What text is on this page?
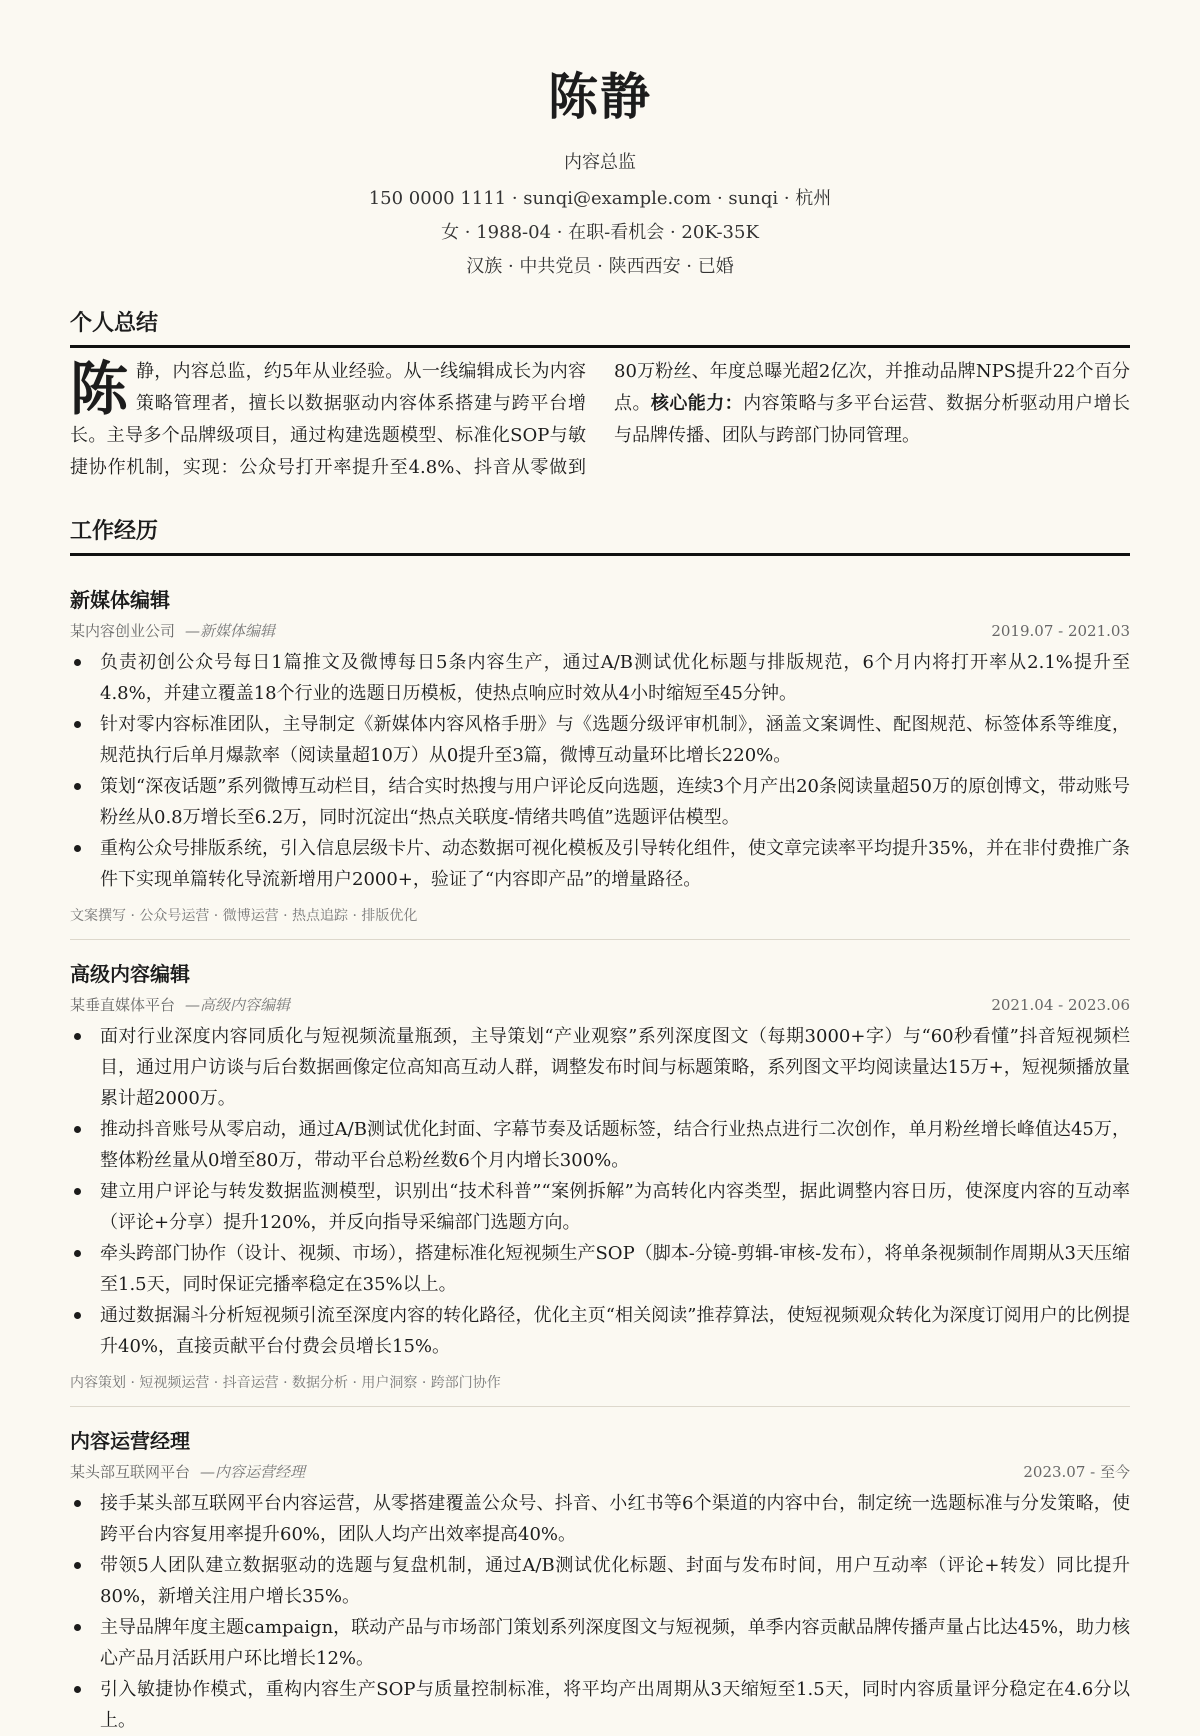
陈静
内容总监
150 0000 1111 · sunqi@example.com · sunqi · 杭州
女 · 1988-04 · 在职-看机会 · 20K-35K
汉族 · 中共党员 · 陕西西安 · 已婚
个人总结
陈静，内容总监，约5年从业经验。从一线编辑成长为内容策略管理者，擅长以数据驱动内容体系搭建与跨平台增长。主导多个品牌级项目，通过构建选题模型、标准化SOP与敏捷协作机制，实现：公众号打开率提升至4.8%、抖音从零做到80万粉丝、年度总曝光超2亿次，并推动品牌NPS提升22个百分点。核心能力：内容策略与多平台运营、数据分析驱动用户增长与品牌传播、团队与跨部门协同管理。
工作经历
新媒体编辑
某内容创业公司 —新媒体编辑	2019.07 - 2021.03
负责初创公众号每日1篇推文及微博每日5条内容生产，通过A/B测试优化标题与排版规范，6个月内将打开率从2.1%提升至4.8%，并建立覆盖18个行业的选题日历模板，使热点响应时效从4小时缩短至45分钟。
针对零内容标准团队，主导制定《新媒体内容风格手册》与《选题分级评审机制》，涵盖文案调性、配图规范、标签体系等维度，规范执行后单月爆款率（阅读量超10万）从0提升至3篇，微博互动量环比增长220%。
策划“深夜话题”系列微博互动栏目，结合实时热搜与用户评论反向选题，连续3个月产出20条阅读量超50万的原创博文，带动账号粉丝从0.8万增长至6.2万，同时沉淀出“热点关联度-情绪共鸣值”选题评估模型。
重构公众号排版系统，引入信息层级卡片、动态数据可视化模板及引导转化组件，使文章完读率平均提升35%，并在非付费推广条件下实现单篇转化导流新增用户2000+，验证了“内容即产品”的增量路径。
文案撰写 · 公众号运营 · 微博运营 · 热点追踪 · 排版优化
高级内容编辑
某垂直媒体平台 —高级内容编辑	2021.04 - 2023.06
面对行业深度内容同质化与短视频流量瓶颈，主导策划“产业观察”系列深度图文（每期3000+字）与“60秒看懂”抖音短视频栏目，通过用户访谈与后台数据画像定位高知高互动人群，调整发布时间与标题策略，系列图文平均阅读量达15万+，短视频播放量累计超2000万。
推动抖音账号从零启动，通过A/B测试优化封面、字幕节奏及话题标签，结合行业热点进行二次创作，单月粉丝增长峰值达45万，整体粉丝量从0增至80万，带动平台总粉丝数6个月内增长300%。
建立用户评论与转发数据监测模型，识别出“技术科普”“案例拆解”为高转化内容类型，据此调整内容日历，使深度内容的互动率（评论+分享）提升120%，并反向指导采编部门选题方向。
牵头跨部门协作（设计、视频、市场），搭建标准化短视频生产SOP（脚本-分镜-剪辑-审核-发布），将单条视频制作周期从3天压缩至1.5天，同时保证完播率稳定在35%以上。
通过数据漏斗分析短视频引流至深度内容的转化路径，优化主页“相关阅读”推荐算法，使短视频观众转化为深度订阅用户的比例提升40%，直接贡献平台付费会员增长15%。
内容策划 · 短视频运营 · 抖音运营 · 数据分析 · 用户洞察 · 跨部门协作
内容运营经理
某头部互联网平台 —内容运营经理	2023.07 - 至今
接手某头部互联网平台内容运营，从零搭建覆盖公众号、抖音、小红书等6个渠道的内容中台，制定统一选题标准与分发策略，使跨平台内容复用率提升60%，团队人均产出效率提高40%。
带领5人团队建立数据驱动的选题与复盘机制，通过A/B测试优化标题、封面与发布时间，用户互动率（评论+转发）同比提升80%，新增关注用户增长35%。
主导品牌年度主题campaign，联动产品与市场部门策划系列深度图文与短视频，单季内容贡献品牌传播声量占比达45%，助力核心产品月活跃用户环比增长12%。
引入敏捷协作模式，重构内容生产SOP与质量控制标准，将平均产出周期从3天缩短至1.5天，同时内容质量评分稳定在4.6分以上。
